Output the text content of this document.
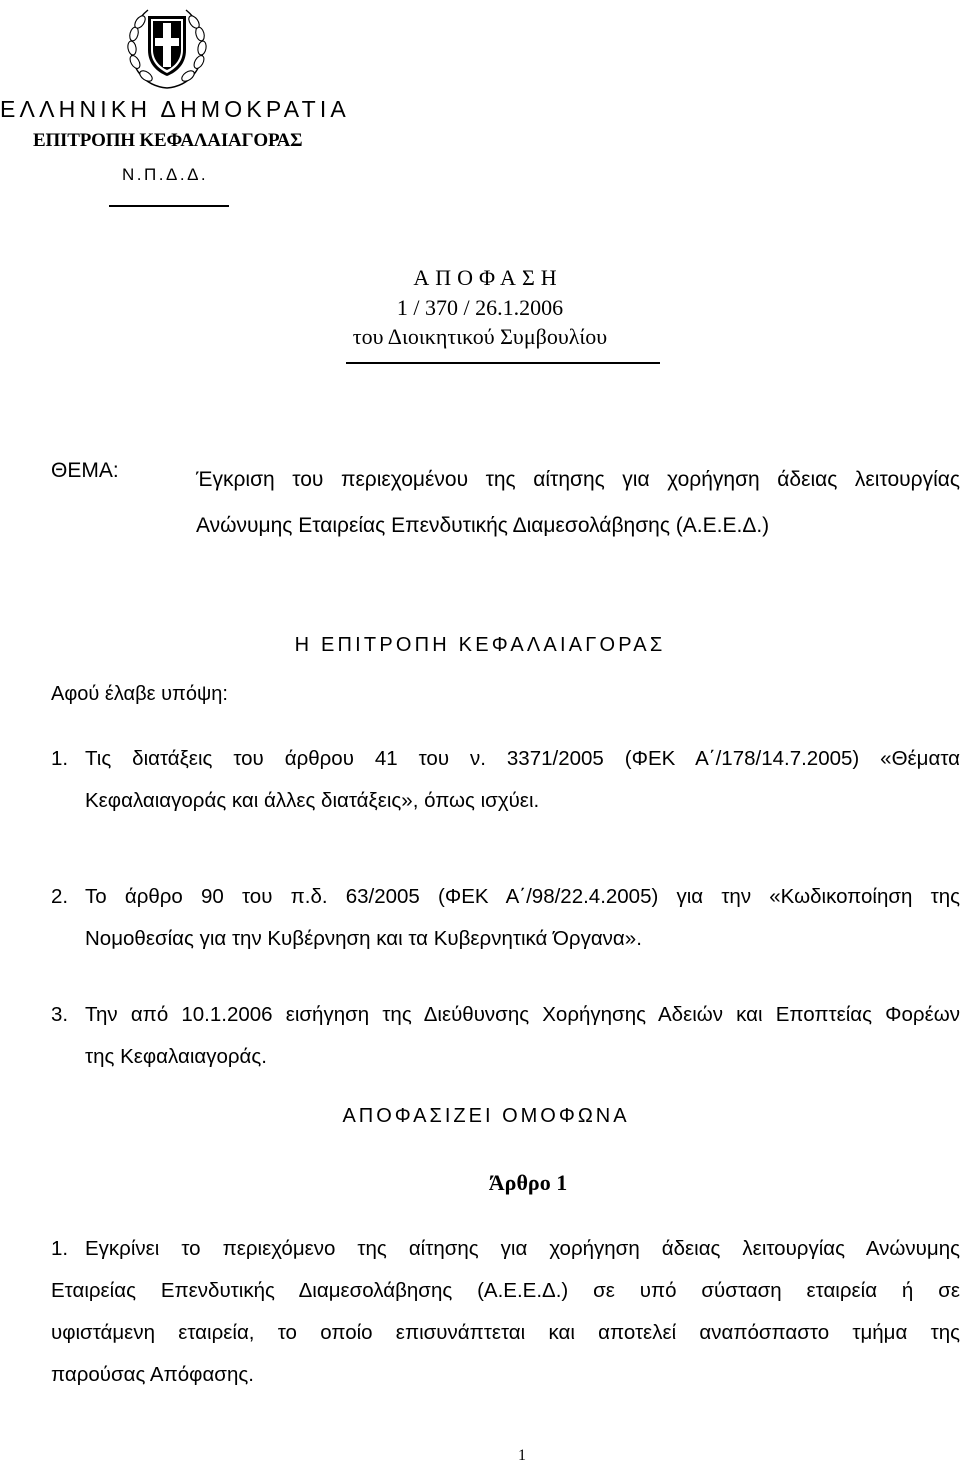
ΕΛΛΗΝΙΚΗ ΔΗΜΟΚΡΑΤΙΑ
ΕΠΙΤΡΟΠΗ ΚΕΦΑΛΑΙΑΓΟΡΑΣ
Ν.Π.Δ.Δ.
ΑΠΟΦΑΣΗ
1 / 370 / 26.1.2006
του Διοικητικού Συμβουλίου
ΘΕΜΑ:	Έγκριση του περιεχομένου της αίτησης για χορήγηση άδειας λειτουργίας
Ανώνυμης Εταιρείας Επενδυτικής Διαμεσολάβησης (Α.Ε.Ε.Δ.)
Η ΕΠΙΤΡΟΠΗ ΚΕΦΑΛΑΙΑΓΟΡΑΣ
Αφού έλαβε υπόψη:
1. Τις διατάξεις του άρθρου 41 του ν. 3371/2005 (ΦΕΚ Α΄/178/14.7.2005) «Θέματα
Κεφαλαιαγοράς και άλλες διατάξεις», όπως ισχύει.
2. Το άρθρο 90 του π.δ. 63/2005 (ΦΕΚ Α΄/98/22.4.2005) για την «Κωδικοποίηση της
Νομοθεσίας για την Κυβέρνηση και τα Κυβερνητικά Όργανα».
3. Την από 10.1.2006 εισήγηση της Διεύθυνσης Χορήγησης Αδειών και Εποπτείας Φορέων
της Κεφαλαιαγοράς.
ΑΠΟΦΑΣΙΖΕΙ ΟΜΟΦΩΝΑ
Άρθρο 1
1. Εγκρίνει το περιεχόμενο της αίτησης για χορήγηση άδειας λειτουργίας Ανώνυμης
Εταιρείας Επενδυτικής Διαμεσολάβησης (Α.Ε.Ε.Δ.) σε υπό σύσταση εταιρεία ή σε
υφιστάμενη εταιρεία, το οποίο επισυνάπτεται και αποτελεί αναπόσπαστο τμήμα της
παρούσας Απόφασης.
1
